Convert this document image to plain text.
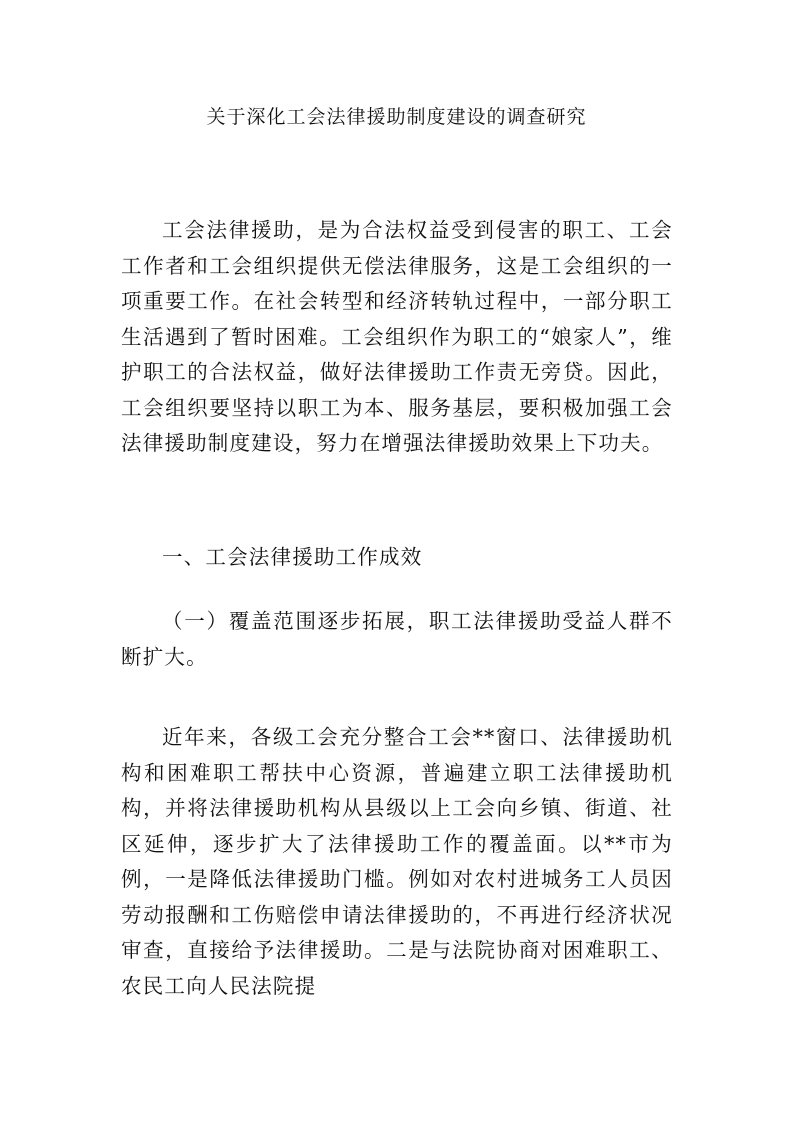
关于深化工会法律援助制度建设的调查研究

工会法律援助，是为合法权益受到侵害的职工、工会工作者和工会组织提供无偿法律服务，这是工会组织的一项重要工作。在社会转型和经济转轨过程中，一部分职工生活遇到了暂时困难。工会组织作为职工的“娘家人”，维护职工的合法权益，做好法律援助工作责无旁贷。因此，工会组织要坚持以职工为本、服务基层，要积极加强工会法律援助制度建设，努力在增强法律援助效果上下功夫。

一、工会法律援助工作成效

（一）覆盖范围逐步拓展，职工法律援助受益人群不断扩大。

近年来，各级工会充分整合工会**窗口、法律援助机构和困难职工帮扶中心资源，普遍建立职工法律援助机构，并将法律援助机构从县级以上工会向乡镇、街道、社区延伸，逐步扩大了法律援助工作的覆盖面。以**市为例，一是降低法律援助门槛。例如对农村进城务工人员因劳动报酬和工伤赔偿申请法律援助的，不再进行经济状况审查，直接给予法律援助。二是与法院协商对困难职工、农民工向人民法院提
